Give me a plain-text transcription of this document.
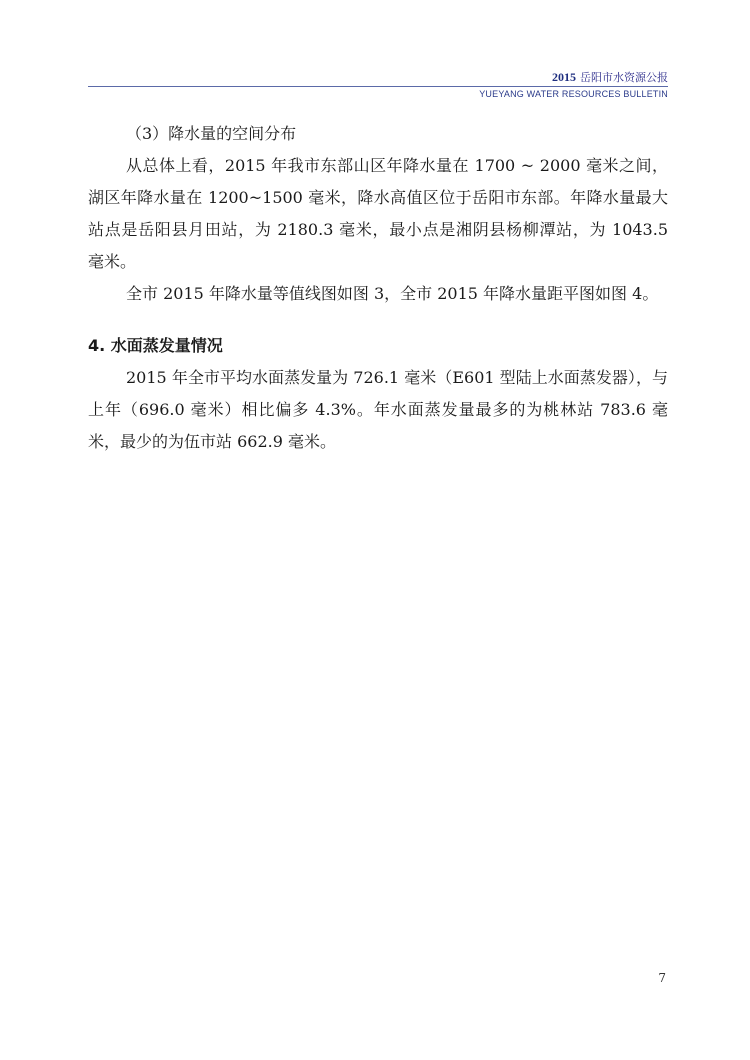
2015 岳阳市水资源公报
YUEYANG WATER RESOURCES BULLETIN

（3）降水量的空间分布

从总体上看，2015 年我市东部山区年降水量在 1700 ~ 2000 毫米之间，湖区年降水量在 1200~1500 毫米，降水高值区位于岳阳市东部。年降水量最大站点是岳阳县月田站，为 2180.3 毫米，最小点是湘阴县杨柳潭站，为 1043.5 毫米。

全市 2015 年降水量等值线图如图 3，全市 2015 年降水量距平图如图 4。

4. 水面蒸发量情况

2015 年全市平均水面蒸发量为 726.1 毫米（E601 型陆上水面蒸发器），与上年（696.0 毫米）相比偏多 4.3%。年水面蒸发量最多的为桃林站 783.6 毫米，最少的为伍市站 662.9 毫米。

7
